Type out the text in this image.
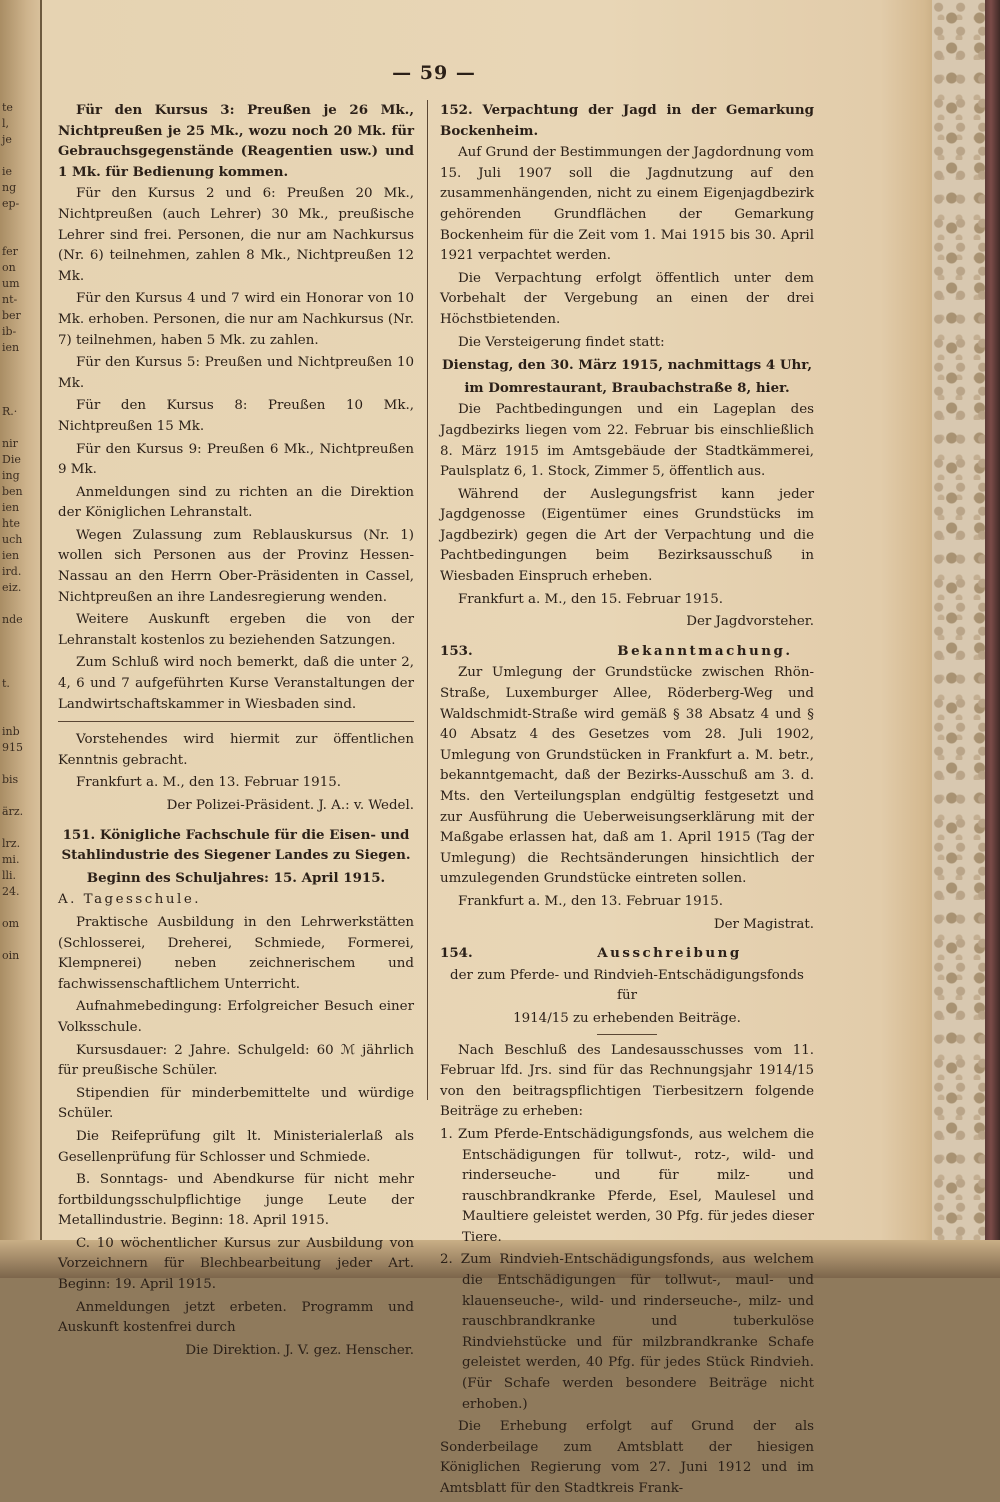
te
l,
je
ie
ng
ep-
fer
on
um
nt-
ber
ib-
ien
R.·
nir
Die
ing
ben
ien
hte
uch
ien
ird.
eiz.
nde
t.
inb
915
bis
ärz.
lrz.
mi.
lli.
24.
om
oin
— 59 —

Für den Kursus 3: Preußen je 26 Mk., Nichtpreußen je 25 Mk., wozu noch 20 Mk. für Gebrauchsgegenstände (Reagentien usw.) und 1 Mk. für Bedienung kommen.

Für den Kursus 2 und 6: Preußen 20 Mk., Nichtpreußen (auch Lehrer) 30 Mk., preußische Lehrer sind frei. Personen, die nur am Nachkursus (Nr. 6) teilnehmen, zahlen 8 Mk., Nichtpreußen 12 Mk.

Für den Kursus 4 und 7 wird ein Honorar von 10 Mk. erhoben. Personen, die nur am Nachkursus (Nr. 7) teilnehmen, haben 5 Mk. zu zahlen.

Für den Kursus 5: Preußen und Nichtpreußen 10 Mk.

Für den Kursus 8: Preußen 10 Mk., Nichtpreußen 15 Mk.

Für den Kursus 9: Preußen 6 Mk., Nichtpreußen 9 Mk.

Anmeldungen sind zu richten an die Direktion der Königlichen Lehranstalt.

Wegen Zulassung zum Reblauskursus (Nr. 1) wollen sich Personen aus der Provinz Hessen-Nassau an den Herrn Ober-Präsidenten in Cassel, Nichtpreußen an ihre Landesregierung wenden.

Weitere Auskunft ergeben die von der Lehranstalt kostenlos zu beziehenden Satzungen.

Zum Schluß wird noch bemerkt, daß die unter 2, 4, 6 und 7 aufgeführten Kurse Veranstaltungen der Landwirtschaftskammer in Wiesbaden sind.

Vorstehendes wird hiermit zur öffentlichen Kenntnis gebracht.

Frankfurt a. M., den 13. Februar 1915.

Der Polizei-Präsident. J. A.: v. Wedel.

151. Königliche Fachschule für die Eisen- und Stahlindustrie des Siegener Landes zu Siegen.

Beginn des Schuljahres: 15. April 1915.

A. Tagesschule.

Praktische Ausbildung in den Lehrwerkstätten (Schlosserei, Dreherei, Schmiede, Formerei, Klempnerei) neben zeichnerischem und fachwissenschaftlichem Unterricht.

Aufnahmebedingung: Erfolgreicher Besuch einer Volksschule.

Kursusdauer: 2 Jahre. Schulgeld: 60 ℳ jährlich für preußische Schüler.

Stipendien für minderbemittelte und würdige Schüler.

Die Reifeprüfung gilt lt. Ministerialerlaß als Gesellenprüfung für Schlosser und Schmiede.

B. Sonntags- und Abendkurse für nicht mehr fortbildungsschulpflichtige junge Leute der Metallindustrie. Beginn: 18. April 1915.

C. 10 wöchentlicher Kursus zur Ausbildung von Vorzeichnern für Blechbearbeitung jeder Art. Beginn: 19. April 1915.

Anmeldungen jetzt erbeten. Programm und Auskunft kostenfrei durch

Die Direktion. J. V. gez. Henscher.

152. Verpachtung der Jagd in der Gemarkung Bockenheim.

Auf Grund der Bestimmungen der Jagdordnung vom 15. Juli 1907 soll die Jagdnutzung auf den zusammenhängenden, nicht zu einem Eigenjagdbezirk gehörenden Grundflächen der Gemarkung Bockenheim für die Zeit vom 1. Mai 1915 bis 30. April 1921 verpachtet werden.

Die Verpachtung erfolgt öffentlich unter dem Vorbehalt der Vergebung an einen der drei Höchstbietenden.

Die Versteigerung findet statt:

Dienstag, den 30. März 1915, nachmittags 4 Uhr,

im Domrestaurant, Braubachstraße 8, hier.

Die Pachtbedingungen und ein Lageplan des Jagdbezirks liegen vom 22. Februar bis einschließlich 8. März 1915 im Amtsgebäude der Stadtkämmerei, Paulsplatz 6, 1. Stock, Zimmer 5, öffentlich aus.

Während der Auslegungsfrist kann jeder Jagdgenosse (Eigentümer eines Grundstücks im Jagdbezirk) gegen die Art der Verpachtung und die Pachtbedingungen beim Bezirksausschuß in Wiesbaden Einspruch erheben.

Frankfurt a. M., den 15. Februar 1915.

Der Jagdvorsteher.

153.	Bekanntmachung.

Zur Umlegung der Grundstücke zwischen Rhön-Straße, Luxemburger Allee, Röderberg-Weg und Waldschmidt-Straße wird gemäß § 38 Absatz 4 und § 40 Absatz 4 des Gesetzes vom 28. Juli 1902, Umlegung von Grundstücken in Frankfurt a. M. betr., bekanntgemacht, daß der Bezirks-Ausschuß am 3. d. Mts. den Verteilungsplan endgültig festgesetzt und zur Ausführung die Ueberweisungserklärung mit der Maßgabe erlassen hat, daß am 1. April 1915 (Tag der Umlegung) die Rechtsänderungen hinsichtlich der umzulegenden Grundstücke eintreten sollen.

Frankfurt a. M., den 13. Februar 1915.

Der Magistrat.

154.	Ausschreibung

der zum Pferde- und Rindvieh-Entschädigungsfonds für

1914/15 zu erhebenden Beiträge.

Nach Beschluß des Landesausschusses vom 11. Februar lfd. Jrs. sind für das Rechnungsjahr 1914/15 von den beitragspflichtigen Tierbesitzern folgende Beiträge zu erheben:

1. Zum Pferde-Entschädigungsfonds, aus welchem die Entschädigungen für tollwut-, rotz-, wild- und rinderseuche- und für milz- und rauschbrandkranke Pferde, Esel, Maulesel und Maultiere geleistet werden, 30 Pfg. für jedes dieser Tiere.

2. Zum Rindvieh-Entschädigungsfonds, aus welchem die Entschädigungen für tollwut-, maul- und klauenseuche-, wild- und rinderseuche-, milz- und rauschbrandkranke und tuberkulöse Rindviehstücke und für milzbrandkranke Schafe geleistet werden, 40 Pfg. für jedes Stück Rindvieh. (Für Schafe werden besondere Beiträge nicht erhoben.)

Die Erhebung erfolgt auf Grund der als Sonderbeilage zum Amtsblatt der hiesigen Königlichen Regierung vom 27. Juni 1912 und im Amtsblatt für den Stadtkreis Frank-
